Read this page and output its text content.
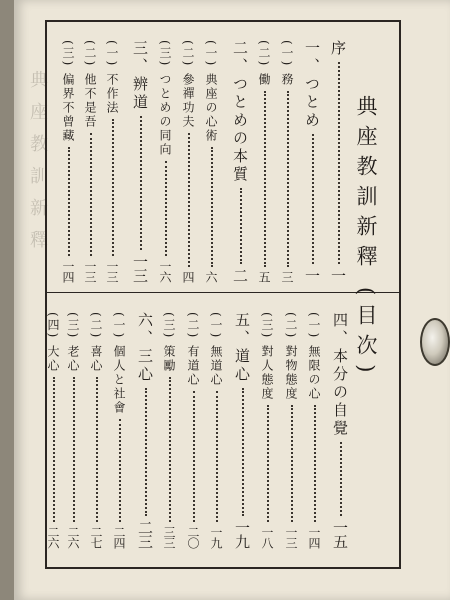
典座教訓新釋	典座教訓新釋(目次)
序
一
一、つとめ
一
(一) 務
三
(二) 働
五
二、つとめの本質
二
(一) 典座の心術
六
(二) 參禪功夫
四
(三) つとめの同向
一六
三、辨道
一三
(一) 不作法
一三
(二) 他不是吾
一三
(三) 偏界不曾藏
一四
四、本分の自覺
一五
(一) 無限の心
一四
(二) 對物態度
一三
(三) 對人態度
一八
五、道心
一九
(一) 無道心
一九
(二) 有道心
二〇
(三) 策勵
三三
六、三心
二三
(一) 個人と社會
二四
(二) 喜心
二七
(三) 老心
二六
(四) 大心
二六
